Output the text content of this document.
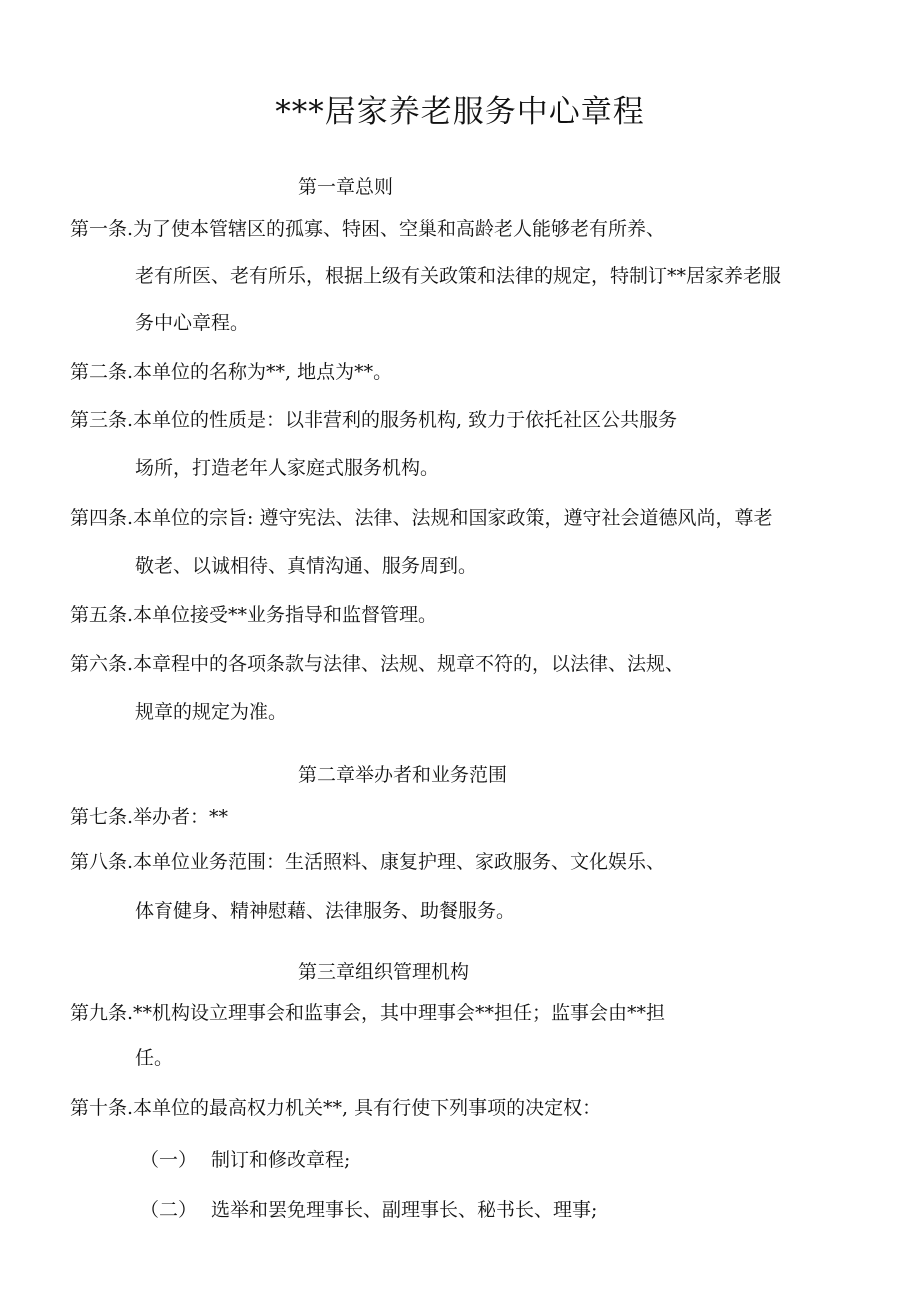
***居家养老服务中心章程
第一章总则
第一条.为了使本管辖区的孤寡、特困、空巢和高龄老人能够老有所养、
老有所医、老有所乐，根据上级有关政策和法律的规定，特制订**居家养老服
务中心章程。
第二条.本单位的名称为**, 地点为**。
第三条.本单位的性质是：以非营利的服务机构, 致力于依托社区公共服务
场所，打造老年人家庭式服务机构。
第四条.本单位的宗旨: 遵守宪法、法律、法规和国家政策，遵守社会道德风尚，尊老
敬老、以诚相待、真情沟通、服务周到。
第五条.本单位接受**业务指导和监督管理。
第六条.本章程中的各项条款与法律、法规、规章不符的，以法律、法规、
规章的规定为准。
第二章举办者和业务范围
第七条.举办者：**
第八条.本单位业务范围：生活照料、康复护理、家政服务、文化娱乐、
体育健身、精神慰藉、法律服务、助餐服务。
第三章组织管理机构
第九条.**机构设立理事会和监事会，其中理事会**担任；监事会由**担
任。
第十条.本单位的最高权力机关**, 具有行使下列事项的决定权：
（一） 制订和修改章程;
（二） 选举和罢免理事长、副理事长、秘书长、理事;
